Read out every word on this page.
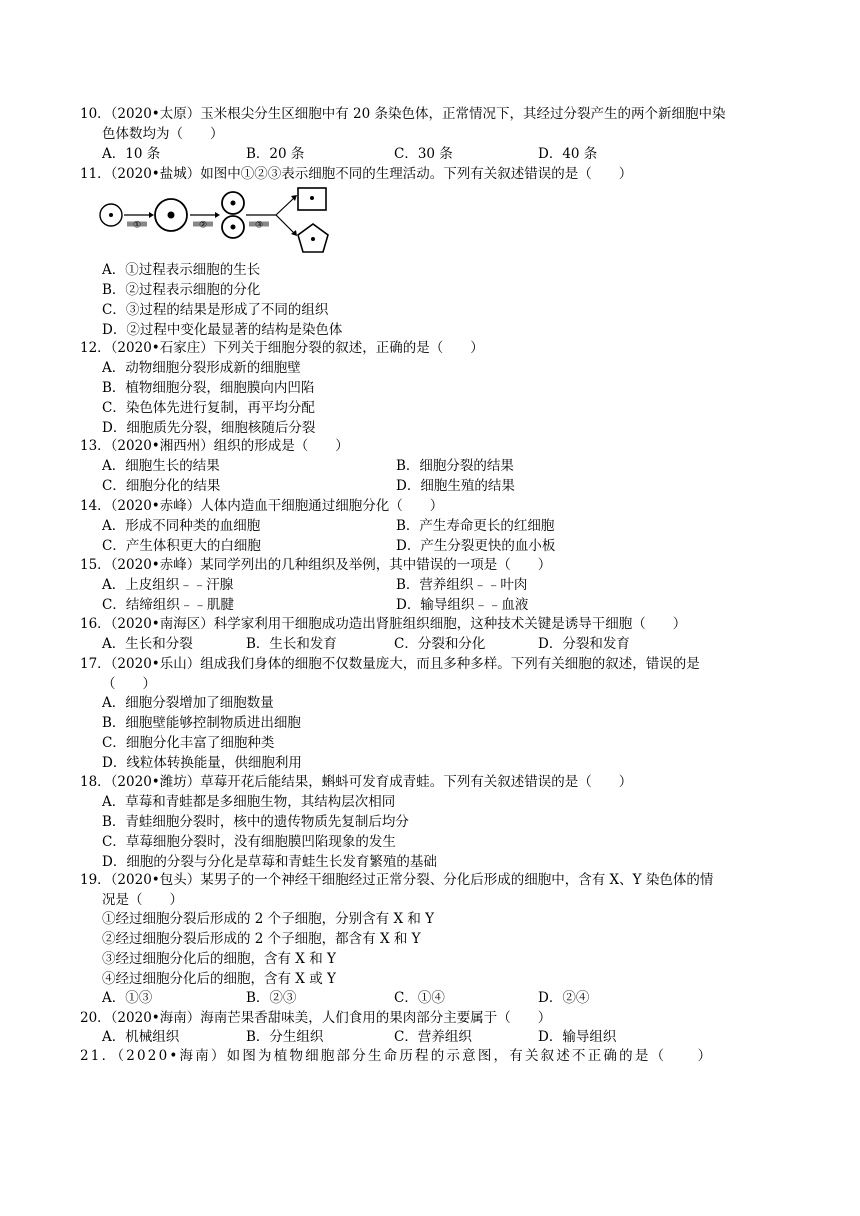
10．（2020•太原）玉米根尖分生区细胞中有 20 条染色体，正常情况下，其经过分裂产生的两个新细胞中染
色体数均为（　　）
A．10 条	B．20 条	C．30 条	D．40 条
11．（2020•盐城）如图中①②③表示细胞不同的生理活动。下列有关叙述错误的是（　　）
①	②	③
A．①过程表示细胞的生长
B．②过程表示细胞的分化
C．③过程的结果是形成了不同的组织
D．②过程中变化最显著的结构是染色体
12．（2020•石家庄）下列关于细胞分裂的叙述，正确的是（　　）
A．动物细胞分裂形成新的细胞壁
B．植物细胞分裂，细胞膜向内凹陷
C．染色体先进行复制，再平均分配
D．细胞质先分裂，细胞核随后分裂
13．（2020•湘西州）组织的形成是（　　）
A．细胞生长的结果	B．细胞分裂的结果
C．细胞分化的结果	D．细胞生殖的结果
14．（2020•赤峰）人体内造血干细胞通过细胞分化（　　）
A．形成不同种类的血细胞	B．产生寿命更长的红细胞
C．产生体积更大的白细胞	D．产生分裂更快的血小板
15．（2020•赤峰）某同学列出的几种组织及举例，其中错误的一项是（　　）
A．上皮组织﹣﹣汗腺	B．营养组织﹣﹣叶肉
C．结缔组织﹣﹣肌腱	D．输导组织﹣﹣血液
16．（2020•南海区）科学家利用干细胞成功造出肾脏组织细胞，这种技术关键是诱导干细胞（　　）
A．生长和分裂	B．生长和发育	C．分裂和分化	D．分裂和发育
17．（2020•乐山）组成我们身体的细胞不仅数量庞大，而且多种多样。下列有关细胞的叙述，错误的是
（　　）
A．细胞分裂增加了细胞数量
B．细胞壁能够控制物质进出细胞
C．细胞分化丰富了细胞种类
D．线粒体转换能量，供细胞利用
18．（2020•潍坊）草莓开花后能结果，蝌蚪可发育成青蛙。下列有关叙述错误的是（　　）
A．草莓和青蛙都是多细胞生物，其结构层次相同
B．青蛙细胞分裂时，核中的遗传物质先复制后均分
C．草莓细胞分裂时，没有细胞膜凹陷现象的发生
D．细胞的分裂与分化是草莓和青蛙生长发育繁殖的基础
19．（2020•包头）某男子的一个神经干细胞经过正常分裂、分化后形成的细胞中，含有 X、Y 染色体的情
况是（　　）
①经过细胞分裂后形成的 2 个子细胞，分别含有 X 和 Y
②经过细胞分裂后形成的 2 个子细胞，都含有 X 和 Y
③经过细胞分化后的细胞，含有 X 和 Y
④经过细胞分化后的细胞，含有 X 或 Y
A．①③	B．②③	C．①④	D．②④
20．（2020•海南）海南芒果香甜味美，人们食用的果肉部分主要属于（　　）
A．机械组织	B．分生组织	C．营养组织	D．输导组织
21．（2020•海南）如图为植物细胞部分生命历程的示意图，有关叙述不正确的是（　　）
